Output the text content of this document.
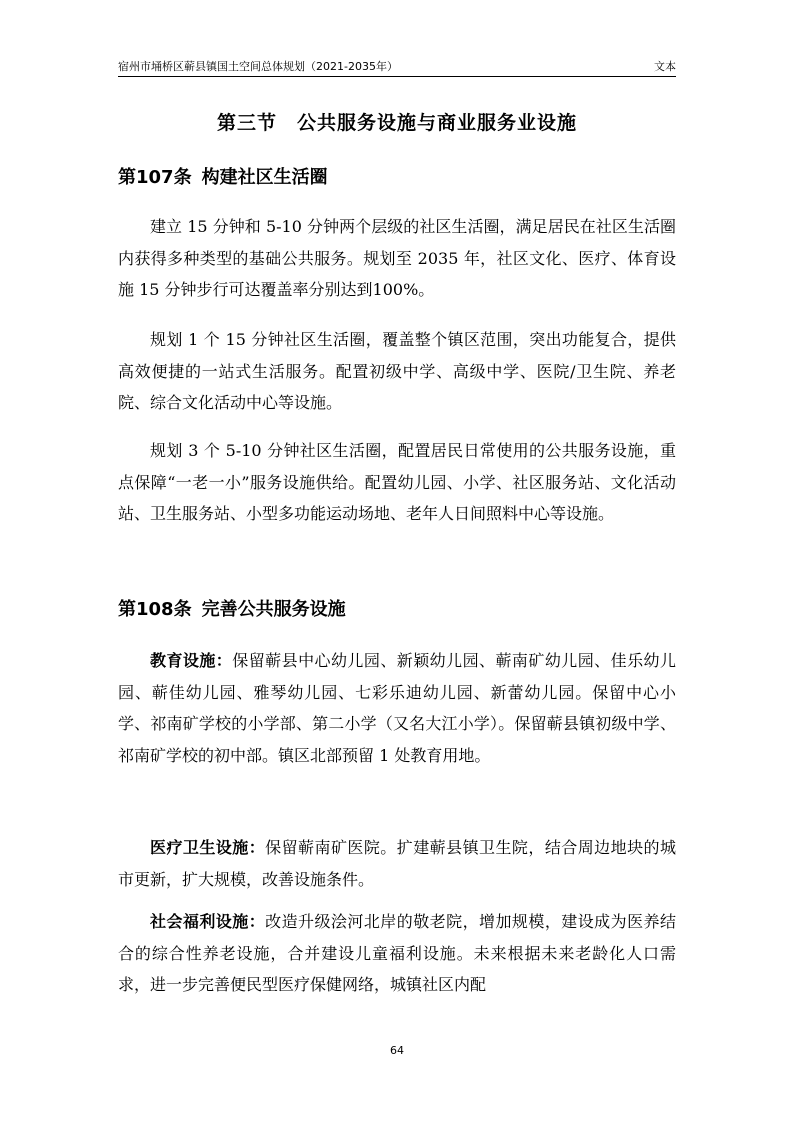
宿州市埇桥区蕲县镇国土空间总体规划（2021-2035年）	文本
第三节　公共服务设施与商业服务业设施
第107条 构建社区生活圈

建立 15 分钟和 5-10 分钟两个层级的社区生活圈，满足居民在社区生活圈内获得多种类型的基础公共服务。规划至 2035 年，社区文化、医疗、体育设施 15 分钟步行可达覆盖率分别达到100%。

规划 1 个 15 分钟社区生活圈，覆盖整个镇区范围，突出功能复合，提供高效便捷的一站式生活服务。配置初级中学、高级中学、医院/卫生院、养老院、综合文化活动中心等设施。

规划 3 个 5-10 分钟社区生活圈，配置居民日常使用的公共服务设施，重点保障“一老一小”服务设施供给。配置幼儿园、小学、社区服务站、文化活动站、卫生服务站、小型多功能运动场地、老年人日间照料中心等设施。

第108条 完善公共服务设施

教育设施：保留蕲县中心幼儿园、新颖幼儿园、蕲南矿幼儿园、佳乐幼儿园、蕲佳幼儿园、雅琴幼儿园、七彩乐迪幼儿园、新蕾幼儿园。保留中心小学、祁南矿学校的小学部、第二小学（又名大江小学）。保留蕲县镇初级中学、祁南矿学校的初中部。镇区北部预留 1 处教育用地。

医疗卫生设施：保留蕲南矿医院。扩建蕲县镇卫生院，结合周边地块的城市更新，扩大规模，改善设施条件。

社会福利设施：改造升级浍河北岸的敬老院，增加规模，建设成为医养结合的综合性养老设施，合并建设儿童福利设施。未来根据未来老龄化人口需求，进一步完善便民型医疗保健网络，城镇社区内配

64
